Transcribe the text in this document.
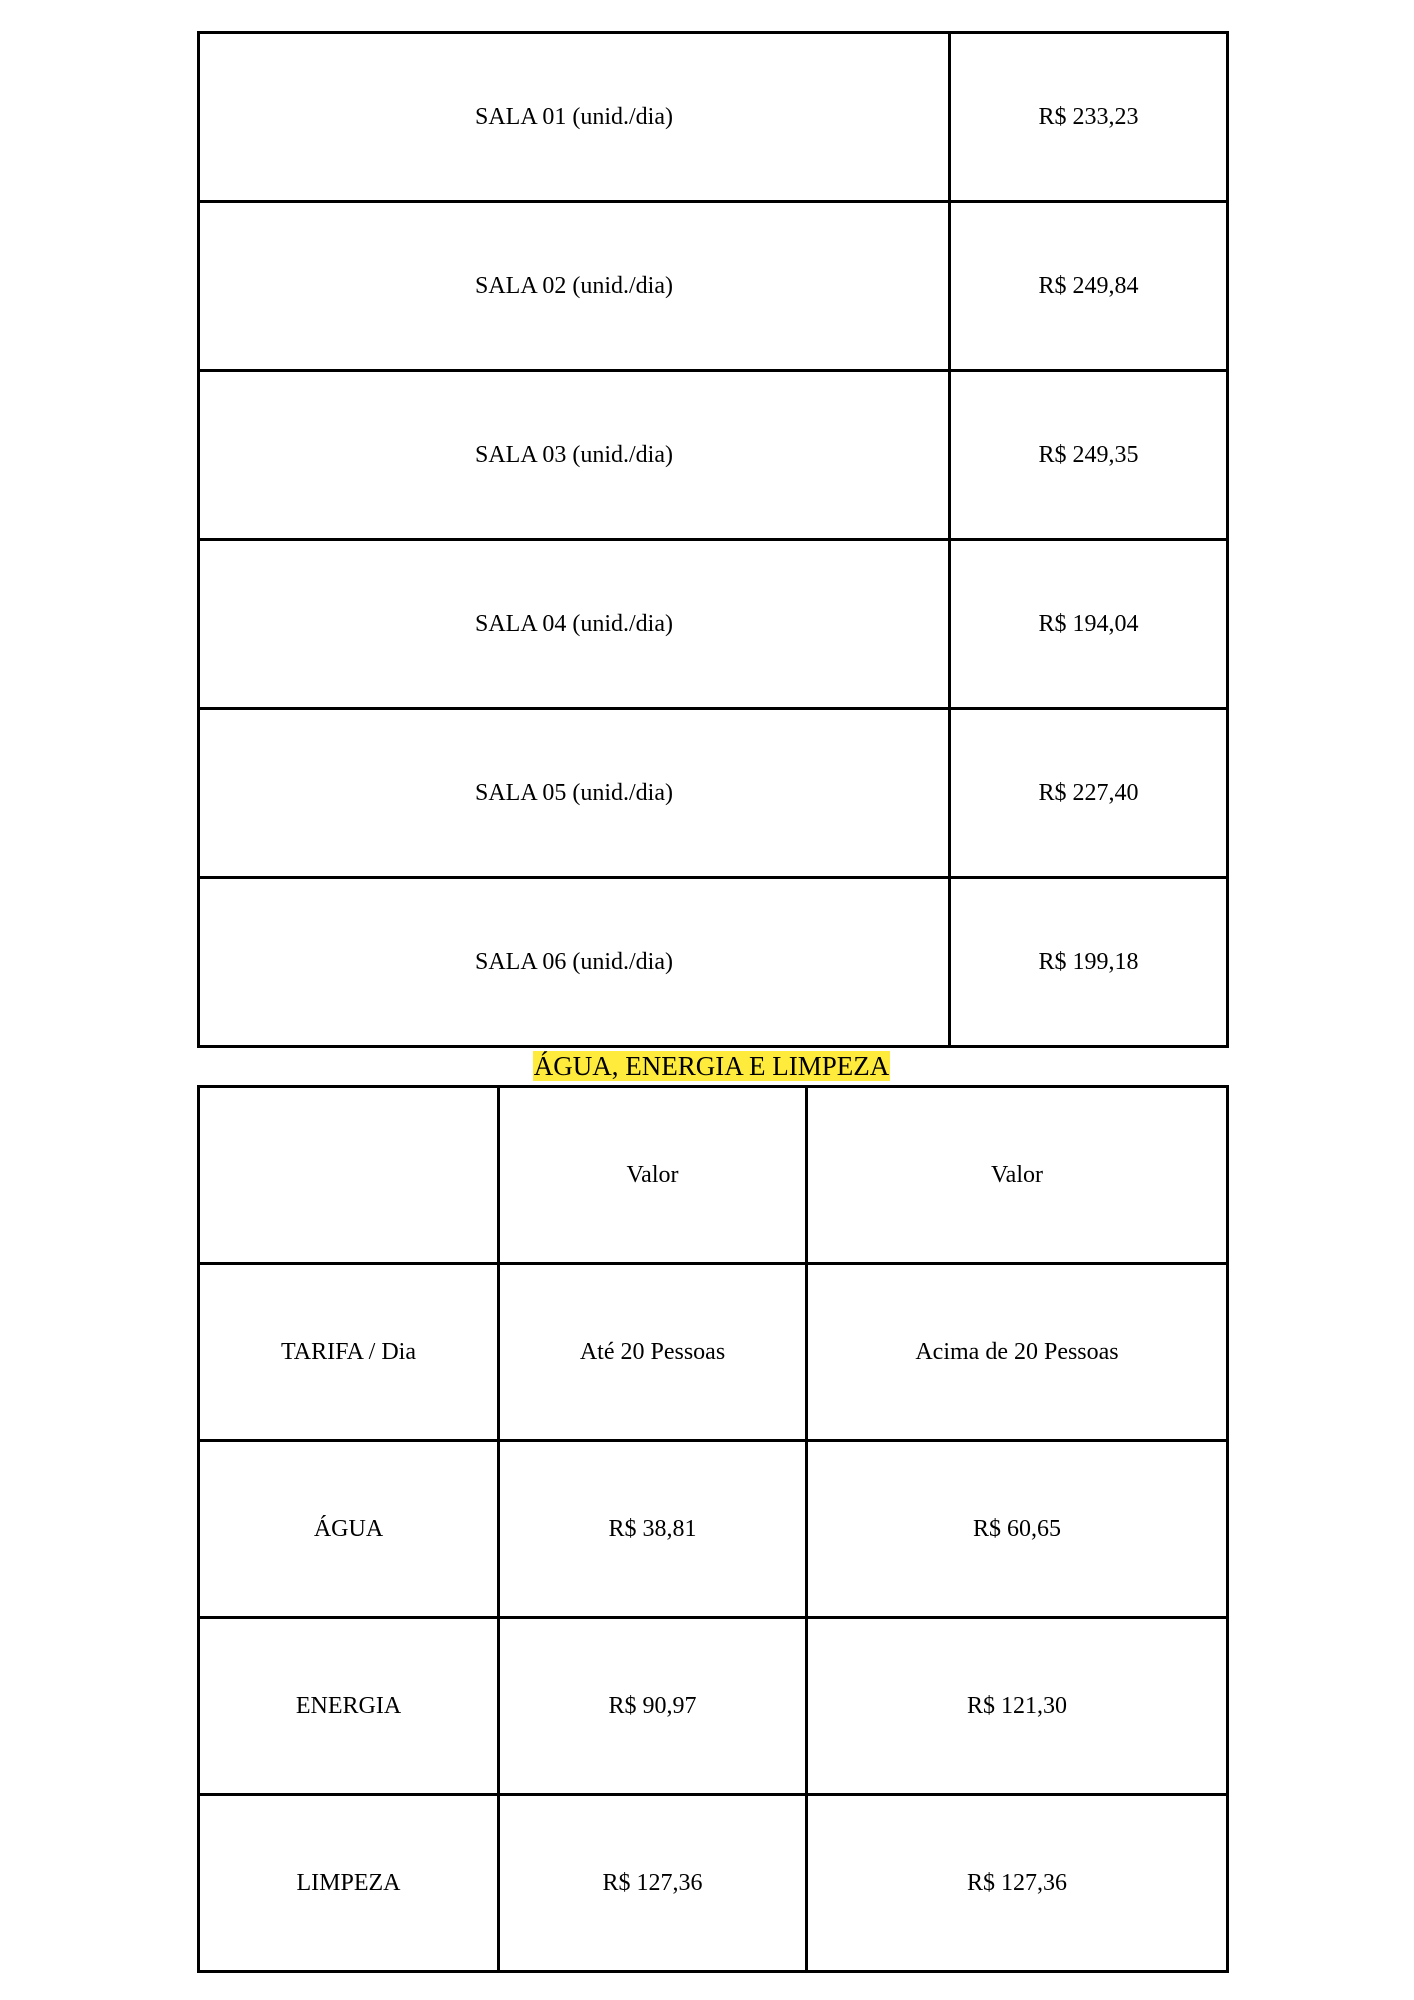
SALA 01 (unid./dia)	R$ 233,23
SALA 02 (unid./dia)	R$ 249,84
SALA 03 (unid./dia)	R$ 249,35
SALA 04 (unid./dia)	R$ 194,04
SALA 05 (unid./dia)	R$ 227,40
SALA 06 (unid./dia)	R$ 199,18
ÁGUA, ENERGIA E LIMPEZA
	Valor	Valor
TARIFA / Dia	Até 20 Pessoas	Acima de 20 Pessoas
ÁGUA	R$ 38,81	R$ 60,65
ENERGIA	R$ 90,97	R$ 121,30
LIMPEZA	R$ 127,36	R$ 127,36
